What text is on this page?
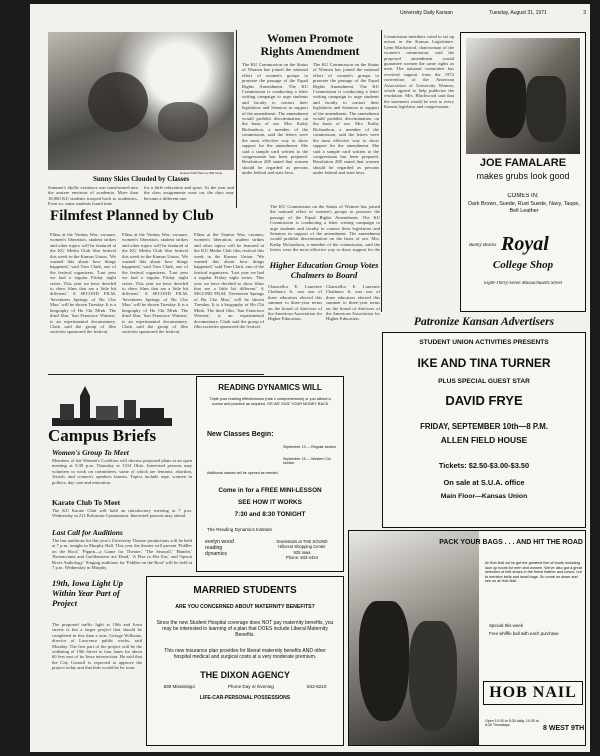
University Daily Kansan	Tuesday, August 31, 1971	3
Kansan Staff Photo by Bill Glass
Sunny Skies Clouded by Classes
Summer's idyllic existence was transformed into the austere environs of academia. More than 18,000 KU students trooped back to academics. Even so, some students found time
for a little relaxation and sport. As the year and the class assignments wear on, the days may become a different one.
Women Promote
Rights Amendment
The KU Commission on the Status of Women has joined the national effort of women's groups to promote the passage of the Equal Rights Amendment. The KU Commission is conducting a letter writing campaign to urge students and faculty to contact their legislators and Senators in support of the amendment. The amendment would prohibit discrimination on the basis of sex. Mrs. Kathy Richardson, a member of the commission, said the letters were the most effective way to show support for the amendment. She said a sample card written to the congressman has been prepared. Resolution 208 stated that women should be regarded as persons under federal and state laws.
The KU Commission on the Status of Women has joined the national effort of women's groups to promote the passage of the Equal Rights Amendment. The KU Commission is conducting a letter writing campaign to urge students and faculty to contact their legislators and Senators in support of the amendment. The amendment would prohibit discrimination on the basis of sex. Mrs. Kathy Richardson, a member of the commission, said the letters were the most effective way to show support for the amendment. She said a sample card written to the congressman has been prepared. Resolution 208 stated that women should be regarded as persons under federal and state laws.
Filmfest Planned by Club
Films at the Vanitas Was, vacuum, women's liberation, student strikes and other topics will be featured at the KU Media Club film festival this week in the Kansas Union. 'We wanted this about how things happened,' said Tom Clark, one of the festival organizers. 'Last year we had a regular Friday night series. This year we have decided to show films that are a little bit different.' A SECOND FILM, 'Seventeen Springs of Bu Cho Mao,' will be shown Tuesday. It is a biography of Ho Chi Minh. The third film, 'San Francisco Women,' is an experimental documentary. Clark said the group of film societies sponsored the festival.
Films at the Vanitas Was, vacuum, women's liberation, student strikes and other topics will be featured at the KU Media Club film festival this week in the Kansas Union. 'We wanted this about how things happened,' said Tom Clark, one of the festival organizers. 'Last year we had a regular Friday night series. This year we have decided to show films that are a little bit different.' A SECOND FILM, 'Seventeen Springs of Bu Cho Mao,' will be shown Tuesday. It is a biography of Ho Chi Minh. The third film, 'San Francisco Women,' is an experimental documentary. Clark said the group of film societies sponsored the festival.
Films at the Vanitas Was, vacuum, women's liberation, student strikes and other topics will be featured at the KU Media Club film festival this week in the Kansas Union. 'We wanted this about how things happened,' said Tom Clark, one of the festival organizers. 'Last year we had a regular Friday night series. This year we have decided to show films that are a little bit different.' A SECOND FILM, 'Seventeen Springs of Bu Cho Mao,' will be shown Tuesday. It is a biography of Ho Chi Minh. The third film, 'San Francisco Women,' is an experimental documentary. Clark said the group of film societies sponsored the festival.
The KU Commission on the Status of Women has joined the national effort of women's groups to promote the passage of the Equal Rights Amendment. The KU Commission is conducting a letter writing campaign to urge students and faculty to contact their legislators and Senators in support of the amendment. The amendment would prohibit discrimination on the basis of sex. Mrs. Kathy Richardson, a member of the commission, said the letters were the most effective way to show support for the
Higher Education Group Votes Chalmers to Board
Chancellor E. Laurence Chalmers Jr. was one of three educators elected this summer to three-year terms on the board of directors of the American Association for Higher Education.
Chancellor E. Laurence Chalmers Jr. was one of three educators elected this summer to three-year terms on the board of directors of the American Association for Higher Education.
Commission members voted to set up action in the Kansas Legislature. Lynn Blackwood, chairwoman of the women's commission, said the proposed amendment would guarantee women the same rights as men. The national committee has received support from the 1972 convention of the American Association of University Women, which agreed to help publicize the resolution. Mrs. Blackwood said that the statement would be sent to every Kansas legislator and congressman.
JOE FAMALARE
makes grubs look good
COMES IN:
Dark Brown, Suede, Rust Suede, Navy, Taupe, Belt Leather
Bunny Blacks Royal
College Shop
Eight-Thirty-Seven Massachusetts Street
Patronize Kansan Advertisers
STUDENT UNION ACTIVITIES PRESENTS
IKE AND TINA TURNER
PLUS SPECIAL GUEST STAR
DAVID FRYE
FRIDAY, SEPTEMBER 10th—8 P.M.
ALLEN FIELD HOUSE
Tickets: $2.50-$3.00-$3.50
On sale at S.U.A. office
Main Floor—Kansas Union
Campus Briefs
Women's Group To Meet
Members of the Women's Coalition will discuss proposed plans at an open meeting at 8:30 p.m. Thursday at 1314 Ohio. Interested persons may volunteer to work on committees, some of which are feminist, abortion, Jewish, and women's speakers bureau. Topics include rape, women in politics, day care and education.
Karate Club To Meet
The KU Karate Club will hold an introductory meeting at 7 p.m. Wednesday in 211 Robinson Gymnasium. Interested persons may attend.
Last Call for Auditions
The last auditions for this year's University Theatre productions will be held at 7 p.m. tonight in Murphy Hall. This year the theatre will present 'Fiddler on the Roof,' 'Pippin—a Game for Theatre,' 'The Seawall,' 'Hamlet,' 'Rosencrantz and Guildenstern are Dead,' 'A Flea in Her Ear,' and 'Spoon River Anthology.' Singing auditions for 'Fiddler on the Roof' will be held at 7 p.m. Wednesday in Murphy.
19th, Iowa Light Up Within Year Part of Project
The proposed traffic light at 19th and Iowa streets is but a larger project that should be completed in less than a year, George Williams, director of Lawrence public works, said Monday. The first part of the project will be the widening of 19th Street to four lanes for about 60 feet east of its Iowa intersection. He said that the City Council is expected to approve the project today and that bids would be let soon.
READING DYNAMICS WILL
Triple your reading effectiveness (rate x comprehension) or you attend a course and practice as required, OR WE GIVE YOUR MONEY BACK
New Classes Begin:
September 13 — Regular section
September 15 — Western Civ. section
Additional classes will be opened as needed.
Come in for a FREE MINI-LESSON
SEE HOW IT WORKS
7:30 and 8:30 TONIGHT
The Reading Dynamics Institute
evelyn wood
reading
dynamics
Downstairs at THE SOUND
Hillcrest Shopping Center
925 Iowa
Phone: 843-4424
PACK YOUR BAGS . . . AND HIT THE ROAD
At Hob Nail we've got the greatest line of boots including lace up boots for men and women. We've also got a great selection of belt shoes in the finest leather and colors, not to mention bells and head bags. So come on down and see us at Hob Nail.
Special this week
Free whiffle ball with each purchase
HOB NAIL
Open 10:30 to 5:30 daily, 10:30 to 8:30 Thursdays	8 WEST 9TH
MARRIED STUDENTS
ARE YOU CONCERNED ABOUT MATERNITY BENEFITS?
Since the new Student Hospital coverage does NOT pay maternity benefits, you may be interested in learning of a plan that DOES include Liberal Maternity Benefits.
This new insurance plan provides for liberal maternity benefits AND other hospital medical and surgical costs at a very moderate premium.
THE DIXON AGENCY
839 Mississippi	Phone Day or Evening	842-9210
LIFE-CAR-PERSONAL POSSESSIONS
